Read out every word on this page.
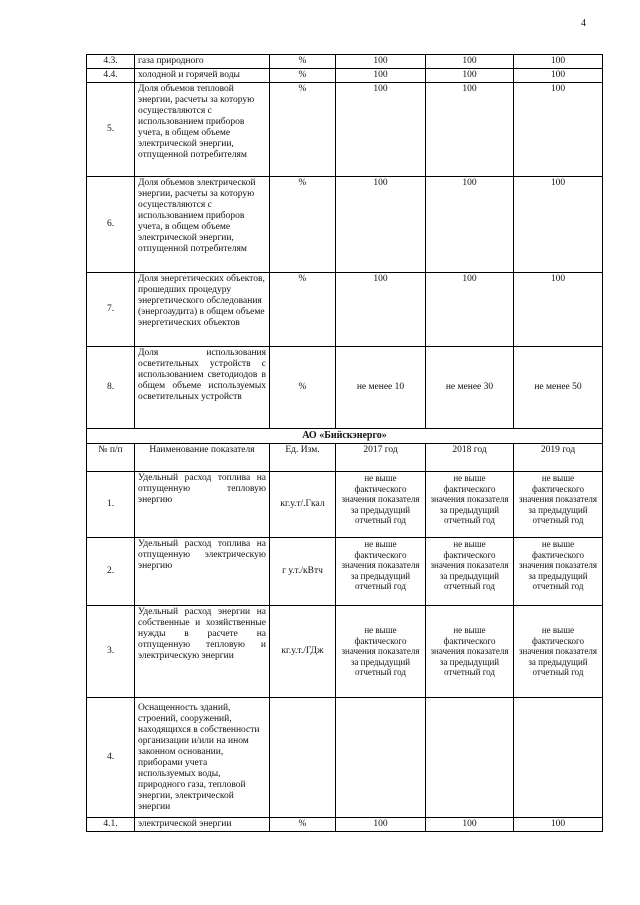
4
4.3.	газа природного	%	100	100	100
4.4.	холодной и горячей воды	%	100	100	100
5.	Доля объемов тепловой энергии, расчеты за которую осуществляются с использованием приборов учета, в общем объеме электрической энергии, отпущенной потребителям	%	100	100	100
6.	Доля объемов электрической энергии, расчеты за которую осуществляются с использованием приборов учета, в общем объеме электрической энергии, отпущенной потребителям	%	100	100	100
7.	Доля энергетических объектов, прошедших процедуру энергетического обследования (энергоаудита) в общем объеме энергетических объектов	%	100	100	100
8.	Доля использования осветительных устройств с использованием светодиодов в общем объеме используемых осветительных устройств	%	не менее 10	не менее 30	не менее 50
АО «Бийскэнерго»					
№ п/п	Наименование показателя	Ед. Изм.	2017 год	2018 год	2019 год
1.	Удельный расход топлива на отпущенную тепловую энергию	кг.у.т/.Гкал	не выше фактического значения показателя за предыдущий отчетный год	не выше фактического значения показателя за предыдущий отчетный год	не выше фактического значения показателя за предыдущий отчетный год
2.	Удельный расход топлива на отпущенную электрическую энергию	г у.т./кВтч	не выше фактического значения показателя за предыдущий отчетный год	не выше фактического значения показателя за предыдущий отчетный год	не выше фактического значения показателя за предыдущий отчетный год
3.	Удельный расход энергии на собственные и хозяйственные нужды в расчете на отпущенную тепловую и электрическую энергии	кг.у.т./ГДж	не выше фактического значения показателя за предыдущий отчетный год	не выше фактического значения показателя за предыдущий отчетный год	не выше фактического значения показателя за предыдущий отчетный год
4.	Оснащенность зданий, строений, сооружений, находящихся в собственности организации и/или на ином законном основании, приборами учета используемых воды, природного газа, тепловой энергии, электрической энергии				
4.1.	электрической энергии	%	100	100	100
